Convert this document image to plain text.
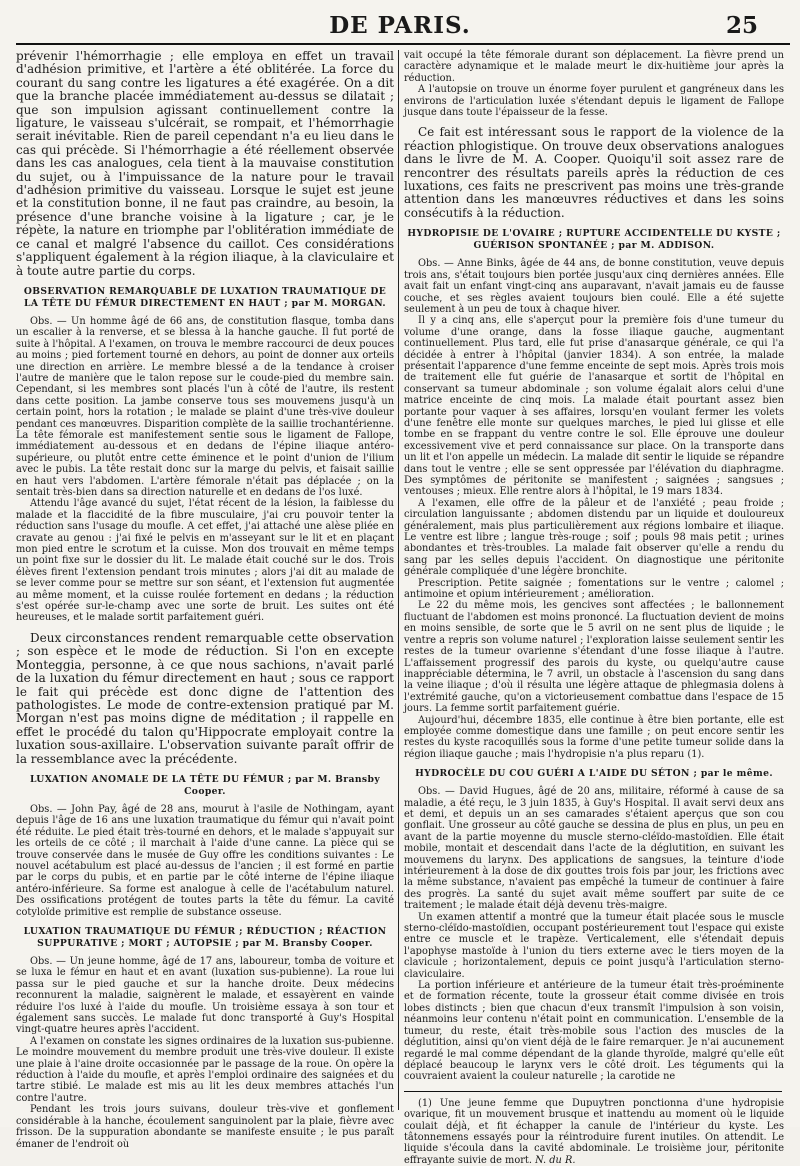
DE PARIS.	25

prévenir l'hémorrhagie ; elle employa en effet un travail d'adhésion primitive, et l'artère a été oblitérée. La force du courant du sang contre les ligatures a été exagérée. On a dit que la branche placée immédiatement au-dessus se dilatait ; que son impulsion agissant continuellement contre la ligature, le vaisseau s'ulcérait, se rompait, et l'hémorrhagie serait inévitable. Rien de pareil cependant n'a eu lieu dans le cas qui précède. Si l'hémorrhagie a été réellement observée dans les cas analogues, cela tient à la mauvaise constitution du sujet, ou à l'impuissance de la nature pour le travail d'adhésion primitive du vaisseau. Lorsque le sujet est jeune et la constitution bonne, il ne faut pas craindre, au besoin, la présence d'une branche voisine à la ligature ; car, je le répète, la nature en triomphe par l'oblitération immédiate de ce canal et malgré l'absence du caillot. Ces considérations s'appliquent également à la région iliaque, à la claviculaire et à toute autre partie du corps.

OBSERVATION REMARQUABLE DE LUXATION TRAUMATIQUE DE LA TÊTE DU FÉMUR DIRECTEMENT EN HAUT ; par M. MORGAN.

Obs. — Un homme âgé de 66 ans, de constitution flasque, tomba dans un escalier à la renverse, et se blessa à la hanche gauche. Il fut porté de suite à l'hôpital. A l'examen, on trouva le membre raccourci de deux pouces au moins ; pied fortement tourné en dehors, au point de donner aux orteils une direction en arrière. Le membre blessé a de la tendance à croiser l'autre de manière que le talon repose sur le coude-pied du membre sain. Cependant, si les membres sont placés l'un à côté de l'autre, ils restent dans cette position. La jambe conserve tous ses mouvemens jusqu'à un certain point, hors la rotation ; le malade se plaint d'une très-vive douleur pendant ces manœuvres. Disparition complète de la saillie trochantérienne. La tête fémorale est manifestement sentie sous le ligament de Fallope, immédiatement au-dessous et en dedans de l'épine iliaque antéro-supérieure, ou plutôt entre cette éminence et le point d'union de l'ilium avec le pubis. La tête restait donc sur la marge du pelvis, et faisait saillie en haut vers l'abdomen. L'artère fémorale n'était pas déplacée ; on la sentait très-bien dans sa direction naturelle et en dedans de l'os luxé.

Attendu l'âge avancé du sujet, l'état récent de la lésion, la faiblesse du malade et la flaccidité de la fibre musculaire, j'ai cru pouvoir tenter la réduction sans l'usage du moufle. A cet effet, j'ai attaché une alèse pliée en cravate au genou : j'ai fixé le pelvis en m'asseyant sur le lit et en plaçant mon pied entre le scrotum et la cuisse. Mon dos trouvait en même temps un point fixe sur le dossier du lit. Le malade était couché sur le dos. Trois élèves firent l'extension pendant trois minutes ; alors j'ai dit au malade de se lever comme pour se mettre sur son séant, et l'extension fut augmentée au même moment, et la cuisse roulée fortement en dedans ; la réduction s'est opérée sur-le-champ avec une sorte de bruit. Les suites ont été heureuses, et le malade sortit parfaitement guéri.

Deux circonstances rendent remarquable cette observation ; son espèce et le mode de réduction. Si l'on en excepte Monteggia, personne, à ce que nous sachions, n'avait parlé de la luxation du fémur directement en haut ; sous ce rapport le fait qui précède est donc digne de l'attention des pathologistes. Le mode de contre-extension pratiqué par M. Morgan n'est pas moins digne de méditation ; il rappelle en effet le procédé du talon qu'Hippocrate employait contre la luxation sous-axillaire. L'observation suivante paraît offrir de la ressemblance avec la précédente.

LUXATION ANOMALE DE LA TÊTE DU FÉMUR ; par M. Bransby Cooper.

Obs. — John Pay, âgé de 28 ans, mourut à l'asile de Nothingam, ayant depuis l'âge de 16 ans une luxation traumatique du fémur qui n'avait point été réduite. Le pied était très-tourné en dehors, et le malade s'appuyait sur les orteils de ce côté ; il marchait à l'aide d'une canne. La pièce qui se trouve conservée dans le musée de Guy offre les conditions suivantes : Le nouvel acétabulum est placé au-dessus de l'ancien ; il est formé en partie par le corps du pubis, et en partie par le côté interne de l'épine iliaque antéro-inférieure. Sa forme est analogue à celle de l'acétabulum naturel. Des ossifications protégent de toutes parts la tête du fémur. La cavité cotyloïde primitive est remplie de substance osseuse.

LUXATION TRAUMATIQUE DU FÉMUR ; RÉDUCTION ; RÉACTION SUPPURATIVE ; MORT ; AUTOPSIE ; par M. Bransby Cooper.

Obs. — Un jeune homme, âgé de 17 ans, laboureur, tomba de voiture et se luxa le fémur en haut et en avant (luxation sus-pubienne). La roue lui passa sur le pied gauche et sur la hanche droite. Deux médecins reconnurent la maladie, saignèrent le malade, et essayèrent en vainde réduire l'os luxé à l'aide du moufle. Un troisième essaya à son tour et également sans succès. Le malade fut donc transporté à Guy's Hospital vingt-quatre heures après l'accident.

A l'examen on constate les signes ordinaires de la luxation sus-pubienne. Le moindre mouvement du membre produit une très-vive douleur. Il existe une plaie à l'aine droite occasionnée par le passage de la roue. On opère la réduction à l'aide du moufle, et après l'emploi ordinaire des saignées et du tartre stibié. Le malade est mis au lit les deux membres attachés l'un contre l'autre.

Pendant les trois jours suivans, douleur très-vive et gonflement considérable à la hanche, écoulement sanguinolent par la plaie, fièvre avec frisson. De la suppuration abondante se manifeste ensuite ; le pus paraît émaner de l'endroit où

vait occupé la tête fémorale durant son déplacement. La fièvre prend un caractère adynamique et le malade meurt le dix-huitième jour après la réduction.

A l'autopsie on trouve un énorme foyer purulent et gangréneux dans les environs de l'articulation luxée s'étendant depuis le ligament de Fallope jusque dans toute l'épaisseur de la fesse.

Ce fait est intéressant sous le rapport de la violence de la réaction phlogistique. On trouve deux observations analogues dans le livre de M. A. Cooper. Quoiqu'il soit assez rare de rencontrer des résultats pareils après la réduction de ces luxations, ces faits ne prescrivent pas moins une très-grande attention dans les manœuvres réductives et dans les soins consécutifs à la réduction.

HYDROPISIE DE L'OVAIRE ; RUPTURE ACCIDENTELLE DU KYSTE ; GUÉRISON SPONTANÉE ; par M. ADDISON.

Obs. — Anne Binks, âgée de 44 ans, de bonne constitution, veuve depuis trois ans, s'était toujours bien portée jusqu'aux cinq dernières années. Elle avait fait un enfant vingt-cinq ans auparavant, n'avait jamais eu de fausse couche, et ses règles avaient toujours bien coulé. Elle a été sujette seulement à un peu de toux à chaque hiver.

Il y a cinq ans, elle s'aperçut pour la première fois d'une tumeur du volume d'une orange, dans la fosse iliaque gauche, augmentant continuellement. Plus tard, elle fut prise d'anasarque générale, ce qui l'a décidée à entrer à l'hôpital (janvier 1834). A son entrée, la malade présentait l'apparence d'une femme enceinte de sept mois. Après trois mois de traitement elle fut guérie de l'anasarque et sortit de l'hôpital en conservant sa tumeur abdominale ; son volume égalait alors celui d'une matrice enceinte de cinq mois. La malade était pourtant assez bien portante pour vaquer à ses affaires, lorsqu'en voulant fermer les volets d'une fenêtre elle monte sur quelques marches, le pied lui glisse et elle tombe en se frappant du ventre contre le sol. Elle éprouve une douleur excessivement vive et perd connaissance sur place. On la transporte dans un lit et l'on appelle un médecin. La malade dit sentir le liquide se répandre dans tout le ventre ; elle se sent oppressée par l'élévation du diaphragme. Des symptômes de péritonite se manifestent ; saignées ; sangsues ; ventouses ; mieux. Elle rentre alors à l'hôpital, le 19 mars 1834.

A l'examen, elle offre de la pâleur et de l'anxiété ; peau froide ; circulation languissante ; abdomen distendu par un liquide et douloureux généralement, mais plus particulièrement aux régions lombaire et iliaque. Le ventre est libre ; langue très-rouge ; soif ; pouls 98 mais petit ; urines abondantes et très-troubles. La malade fait observer qu'elle a rendu du sang par les selles depuis l'accident. On diagnostique une péritonite générale compliquée d'une légère bronchite.

Prescription. Petite saignée ; fomentations sur le ventre ; calomel ; antimoine et opium intérieurement ; amélioration.

Le 22 du même mois, les gencives sont affectées ; le ballonnement fluctuant de l'abdomen est moins prononcé. La fluctuation devient de moins en moins sensible, de sorte que le 5 avril on ne sent plus de liquide ; le ventre a repris son volume naturel ; l'exploration laisse seulement sentir les restes de la tumeur ovarienne s'étendant d'une fosse iliaque à l'autre. L'affaissement progressif des parois du kyste, ou quelqu'autre cause inappréciable détermina, le 7 avril, un obstacle à l'ascension du sang dans la veine iliaque ; d'où il résulta une légère attaque de phlegmasia dolens à l'extrémité gauche, qu'on a victorieusement combattue dans l'espace de 15 jours. La femme sortit parfaitement guérie.

Aujourd'hui, décembre 1835, elle continue à être bien portante, elle est employée comme domestique dans une famille ; on peut encore sentir les restes du kyste racoquillés sous la forme d'une petite tumeur solide dans la région iliaque gauche ; mais l'hydropisie n'a plus reparu (1).

HYDROCÈLE DU COU GUÉRI A L'AIDE DU SÉTON ; par le même.

Obs. — David Hugues, âgé de 20 ans, militaire, réformé à cause de sa maladie, a été reçu, le 3 juin 1835, à Guy's Hospital. Il avait servi deux ans et demi, et depuis un an ses camarades s'étaient aperçus que son cou gonflait. Une grosseur au côté gauche se dessina de plus en plus, un peu en avant de la partie moyenne du muscle sterno-cléïdo-mastoïdien. Elle était mobile, montait et descendait dans l'acte de la déglutition, en suivant les mouvemens du larynx. Des applications de sangsues, la teinture d'iode intérieurement à la dose de dix gouttes trois fois par jour, les frictions avec la même substance, n'avaient pas empêché la tumeur de continuer à faire des progrès. La santé du sujet avait même souffert par suite de ce traitement ; le malade était déjà devenu très-maigre.

Un examen attentif a montré que la tumeur était placée sous le muscle sterno-cléïdo-mastoïdien, occupant postérieurement tout l'espace qui existe entre ce muscle et le trapèze. Verticalement, elle s'étendait depuis l'apophyse mastoïde à l'union du tiers externe avec le tiers moyen de la clavicule ; horizontalement, depuis ce point jusqu'à l'articulation sterno-claviculaire.

La portion inférieure et antérieure de la tumeur était très-proéminente et de formation récente, toute la grosseur était comme divisée en trois lobes distincts ; bien que chacun d'eux transmît l'impulsion à son voisin, néanmoins leur contenu n'était point en communication. L'ensemble de la tumeur, du reste, était très-mobile sous l'action des muscles de la déglutition, ainsi qu'on vient déjà de le faire remarquer. Je n'ai aucunement regardé le mal comme dépendant de la glande thyroïde, malgré qu'elle eût déplacé beaucoup le larynx vers le côté droit. Les téguments qui la couvraient avaient la couleur naturelle ; la carotide ne

(1) Une jeune femme que Dupuytren ponctionna d'une hydropisie ovarique, fit un mouvement brusque et inattendu au moment où le liquide coulait déjà, et fit échapper la canule de l'intérieur du kyste. Les tâtonnemens essayés pour la réintroduire furent inutiles. On attendit. Le liquide s'écoula dans la cavité abdominale. Le troisième jour, péritonite effrayante suivie de mort. N. du R.
